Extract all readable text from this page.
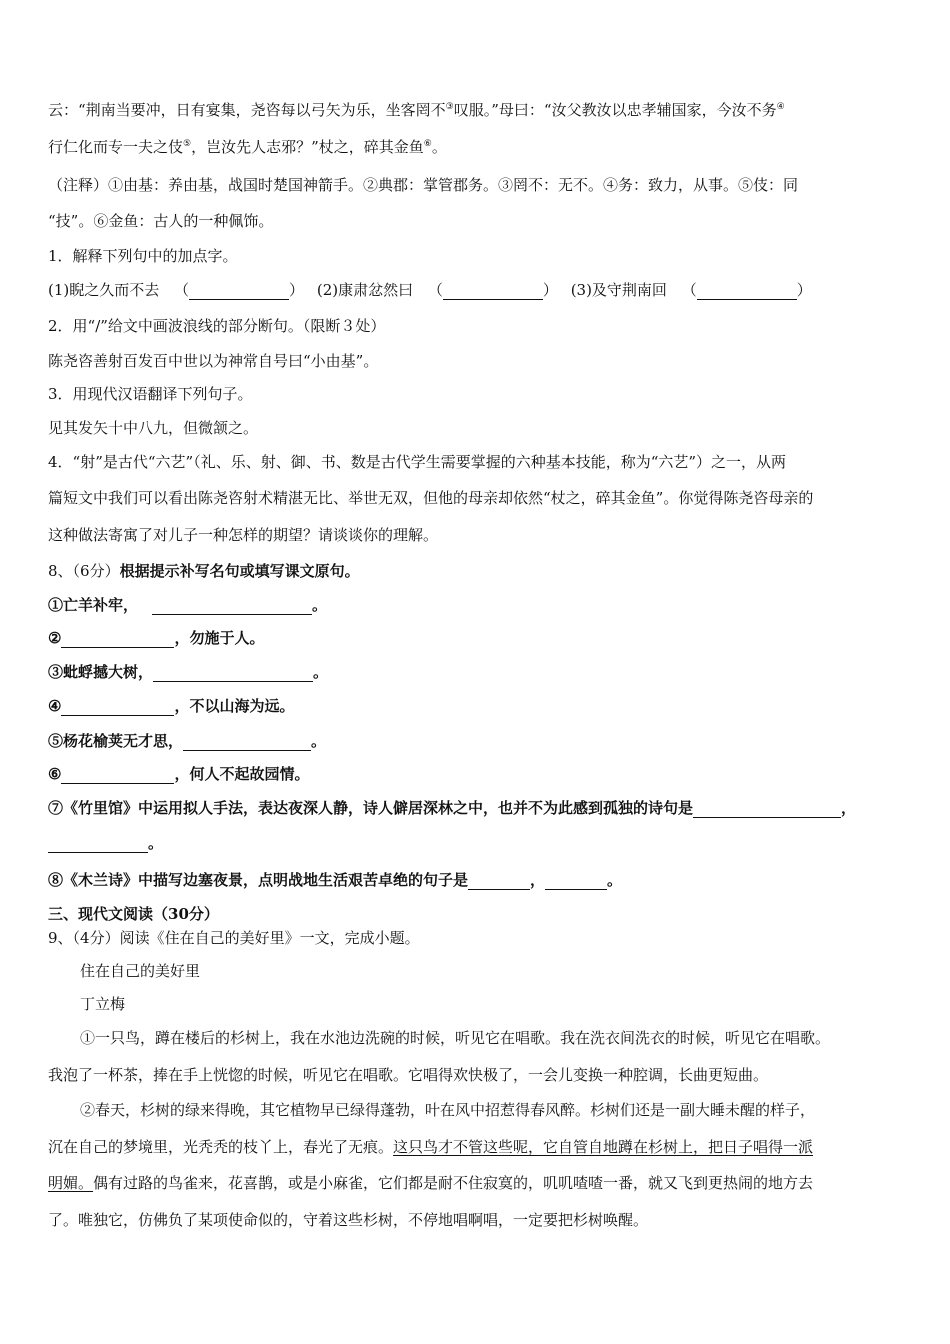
云：“荆南当要冲，日有宴集，尧咨每以弓矢为乐，坐客罔不③叹服。”母曰：“汝父教汝以忠孝辅国家，今汝不务④
行仁化而专一夫之伎⑤，岂汝先人志邪？”杖之，碎其金鱼⑥。
（注释）①由基：养由基，战国时楚国神箭手。②典郡：掌管郡务。③罔不：无不。④务：致力，从事。⑤伎：同
“技”。⑥金鱼：古人的一种佩饰。
1．解释下列句中的加点字。
(1)睨之久而不去 （	） (2)康肃忿然曰 （	） (3)及守荆南回 （	）
2．用“/”给文中画波浪线的部分断句。（限断３处）
陈尧咨善射百发百中世以为神常自号曰“小由基”。
3．用现代汉语翻译下列句子。
见其发矢十中八九，但微颔之。
4．“射”是古代“六艺”（礼、乐、射、御、书、数是古代学生需要掌握的六种基本技能，称为“六艺”）之一，从两
篇短文中我们可以看出陈尧咨射术精湛无比、举世无双，但他的母亲却依然“杖之，碎其金鱼”。你觉得陈尧咨母亲的
这种做法寄寓了对儿子一种怎样的期望？请谈谈你的理解。
8、（6分）根据提示补写名句或填写课文原句。
①亡羊补牢，	。
②	，勿施于人。
③蚍蜉撼大树，	。
④	，不以山海为远。
⑤杨花榆荚无才思，	。
⑥	，何人不起故园情。
⑦《竹里馆》中运用拟人手法，表达夜深人静，诗人僻居深林之中，也并不为此感到孤独的诗句是	，
。
⑧《木兰诗》中描写边塞夜景，点明战地生活艰苦卓绝的句子是	，	。
三、现代文阅读（30分）
9、（4分）阅读《住在自己的美好里》一文，完成小题。
住在自己的美好里
丁立梅
①一只鸟，蹲在楼后的杉树上，我在水池边洗碗的时候，听见它在唱歌。我在洗衣间洗衣的时候，听见它在唱歌。
我泡了一杯茶，捧在手上恍惚的时候，听见它在唱歌。它唱得欢快极了，一会儿变换一种腔调，长曲更短曲。
②春天，杉树的绿来得晚，其它植物早已绿得蓬勃，叶在风中招惹得春风醉。杉树们还是一副大睡未醒的样子，
沉在自己的梦境里，光秃秃的枝丫上，春光了无痕。这只鸟才不管这些呢，它自管自地蹲在杉树上，把日子唱得一派
明媚。偶有过路的鸟雀来，花喜鹊，或是小麻雀，它们都是耐不住寂寞的，叽叽喳喳一番，就又飞到更热闹的地方去
了。唯独它，仿佛负了某项使命似的，守着这些杉树，不停地唱啊唱，一定要把杉树唤醒。
